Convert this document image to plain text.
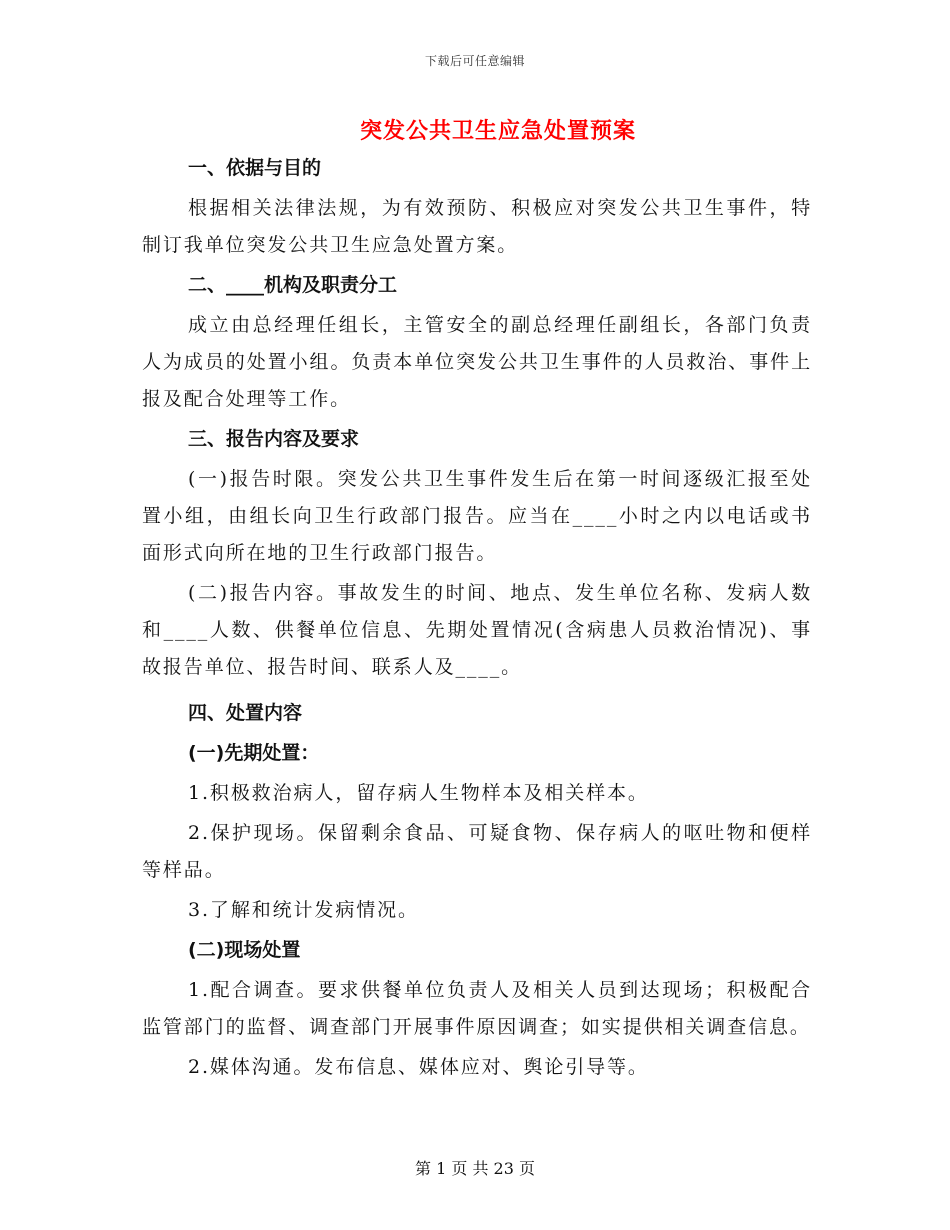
下载后可任意编辑
突发公共卫生应急处置预案
一、依据与目的
根据相关法律法规，为有效预防、积极应对突发公共卫生事件，特制订我单位突发公共卫生应急处置方案。
二、____机构及职责分工
成立由总经理任组长，主管安全的副总经理任副组长，各部门负责人为成员的处置小组。负责本单位突发公共卫生事件的人员救治、事件上报及配合处理等工作。
三、报告内容及要求
(一)报告时限。突发公共卫生事件发生后在第一时间逐级汇报至处置小组，由组长向卫生行政部门报告。应当在____小时之内以电话或书面形式向所在地的卫生行政部门报告。
(二)报告内容。事故发生的时间、地点、发生单位名称、发病人数和____人数、供餐单位信息、先期处置情况(含病患人员救治情况)、事故报告单位、报告时间、联系人及____。
四、处置内容
(一)先期处置：
1.积极救治病人，留存病人生物样本及相关样本。
2.保护现场。保留剩余食品、可疑食物、保存病人的呕吐物和便样等样品。
3.了解和统计发病情况。
(二)现场处置
1.配合调查。要求供餐单位负责人及相关人员到达现场；积极配合监管部门的监督、调查部门开展事件原因调查；如实提供相关调查信息。
2.媒体沟通。发布信息、媒体应对、舆论引导等。
第 1 页 共 23 页
